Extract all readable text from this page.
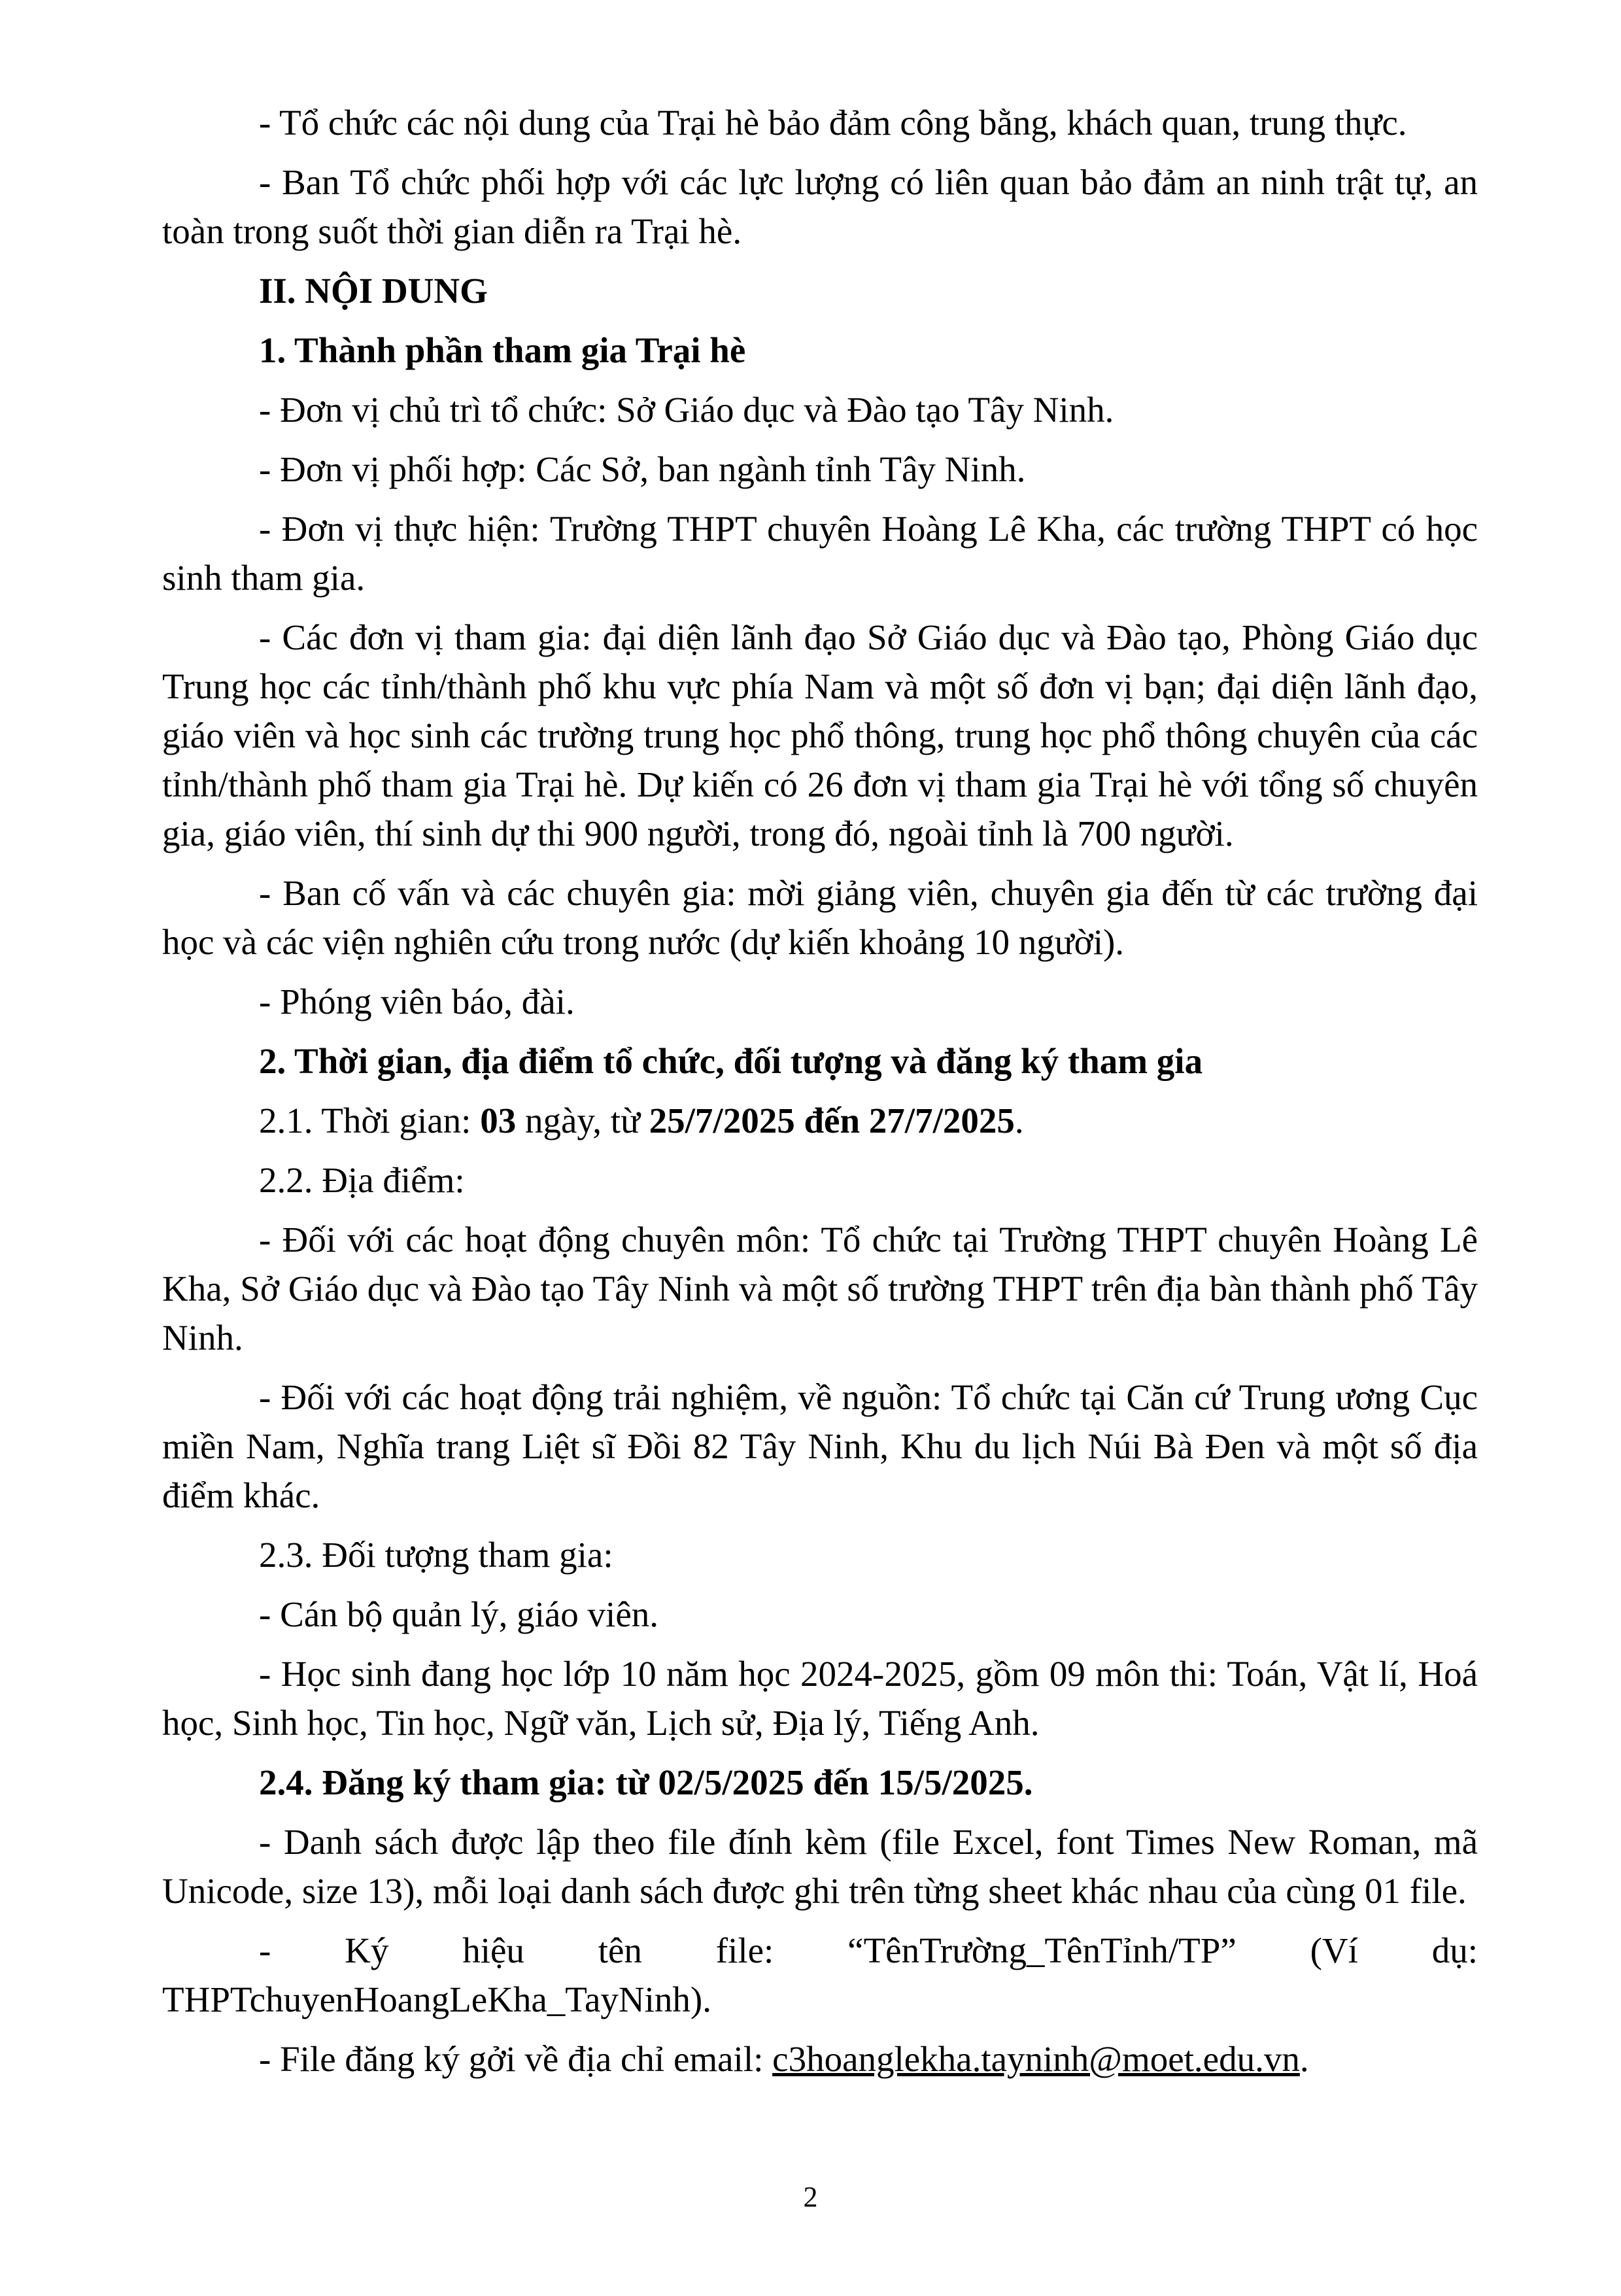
- Tổ chức các nội dung của Trại hè bảo đảm công bằng, khách quan, trung thực.

- Ban Tổ chức phối hợp với các lực lượng có liên quan bảo đảm an ninh trật tự, an toàn trong suốt thời gian diễn ra Trại hè.

II. NỘI DUNG

1. Thành phần tham gia Trại hè

- Đơn vị chủ trì tổ chức: Sở Giáo dục và Đào tạo Tây Ninh.

- Đơn vị phối hợp: Các Sở, ban ngành tỉnh Tây Ninh.

- Đơn vị thực hiện: Trường THPT chuyên Hoàng Lê Kha, các trường THPT có học sinh tham gia.

- Các đơn vị tham gia: đại diện lãnh đạo Sở Giáo dục và Đào tạo, Phòng Giáo dục Trung học các tỉnh/thành phố khu vực phía Nam và một số đơn vị bạn; đại diện lãnh đạo, giáo viên và học sinh các trường trung học phổ thông, trung học phổ thông chuyên của các tỉnh/thành phố tham gia Trại hè. Dự kiến có 26 đơn vị tham gia Trại hè với tổng số chuyên gia, giáo viên, thí sinh dự thi 900 người, trong đó, ngoài tỉnh là 700 người.

- Ban cố vấn và các chuyên gia: mời giảng viên, chuyên gia đến từ các trường đại học và các viện nghiên cứu trong nước (dự kiến khoảng 10 người).

- Phóng viên báo, đài.

2. Thời gian, địa điểm tổ chức, đối tượng và đăng ký tham gia

2.1. Thời gian: 03 ngày, từ 25/7/2025 đến 27/7/2025.

2.2. Địa điểm:

- Đối với các hoạt động chuyên môn: Tổ chức tại Trường THPT chuyên Hoàng Lê Kha, Sở Giáo dục và Đào tạo Tây Ninh và một số trường THPT trên địa bàn thành phố Tây Ninh.

- Đối với các hoạt động trải nghiệm, về nguồn: Tổ chức tại Căn cứ Trung ương Cục miền Nam, Nghĩa trang Liệt sĩ Đồi 82 Tây Ninh, Khu du lịch Núi Bà Đen và một số địa điểm khác.

2.3. Đối tượng tham gia:

- Cán bộ quản lý, giáo viên.

- Học sinh đang học lớp 10 năm học 2024-2025, gồm 09 môn thi: Toán, Vật lí, Hoá học, Sinh học, Tin học, Ngữ văn, Lịch sử, Địa lý, Tiếng Anh.

2.4. Đăng ký tham gia: từ 02/5/2025 đến 15/5/2025.

- Danh sách được lập theo file đính kèm (file Excel, font Times New Roman, mã Unicode, size 13), mỗi loại danh sách được ghi trên từng sheet khác nhau của cùng 01 file.

- Ký hiệu tên file: “TênTrường_TênTỉnh/TP” (Ví dụ:
THPTchuyenHoangLeKha_TayNinh).

- File đăng ký gởi về địa chỉ email: c3hoanglekha.tayninh@moet.edu.vn.

2
